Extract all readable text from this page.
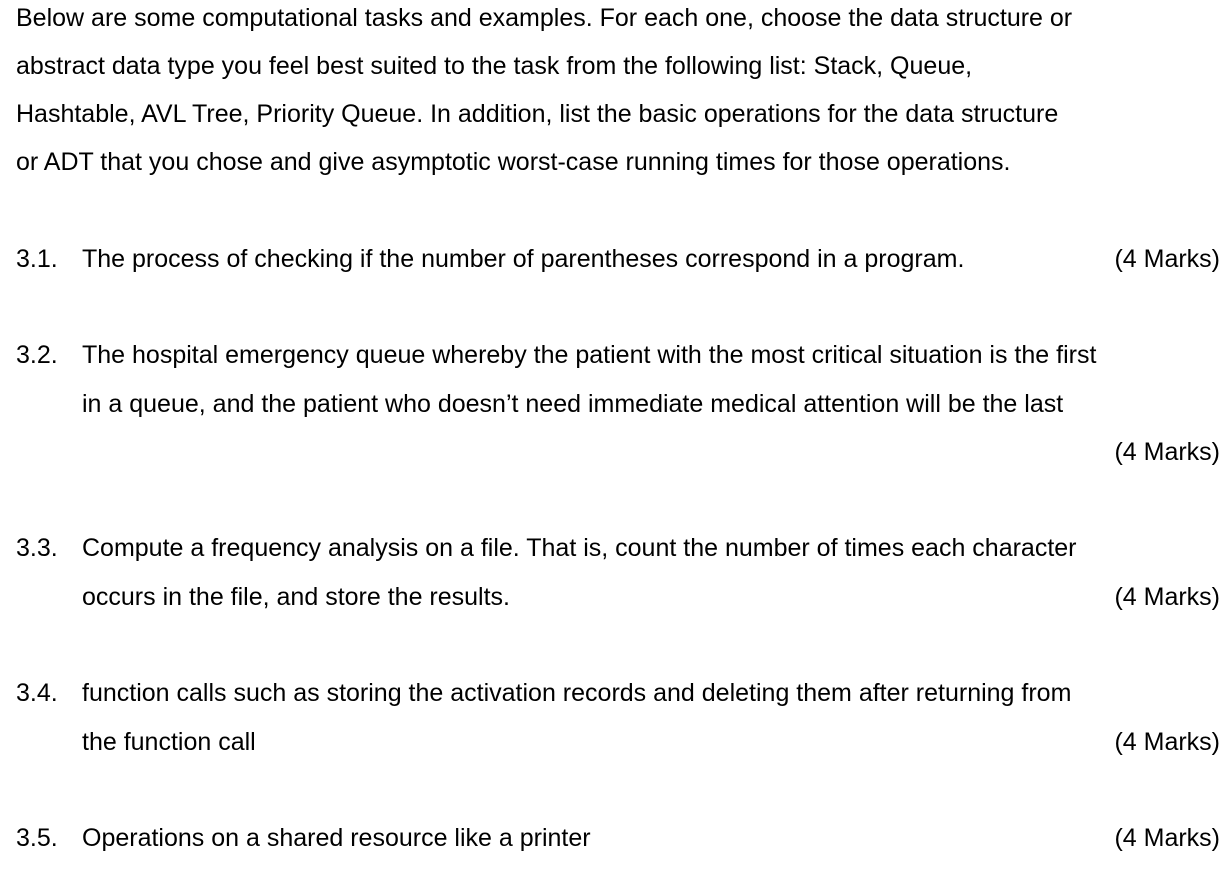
Below are some computational tasks and examples. For each one, choose the data structure or
abstract data type you feel best suited to the task from the following list: Stack, Queue,
Hashtable, AVL Tree, Priority Queue. In addition, list the basic operations for the data structure
or ADT that you chose and give asymptotic worst-case running times for those operations.
3.1. The process of checking if the number of parentheses correspond in a program.	(4 Marks)
3.2. The hospital emergency queue whereby the patient with the most critical situation is the first
in a queue, and the patient who doesn’t need immediate medical attention will be the last
(4 Marks)
3.3. Compute a frequency analysis on a file. That is, count the number of times each character
occurs in the file, and store the results.	(4 Marks)
3.4. function calls such as storing the activation records and deleting them after returning from
the function call	(4 Marks)
3.5. Operations on a shared resource like a printer	(4 Marks)
